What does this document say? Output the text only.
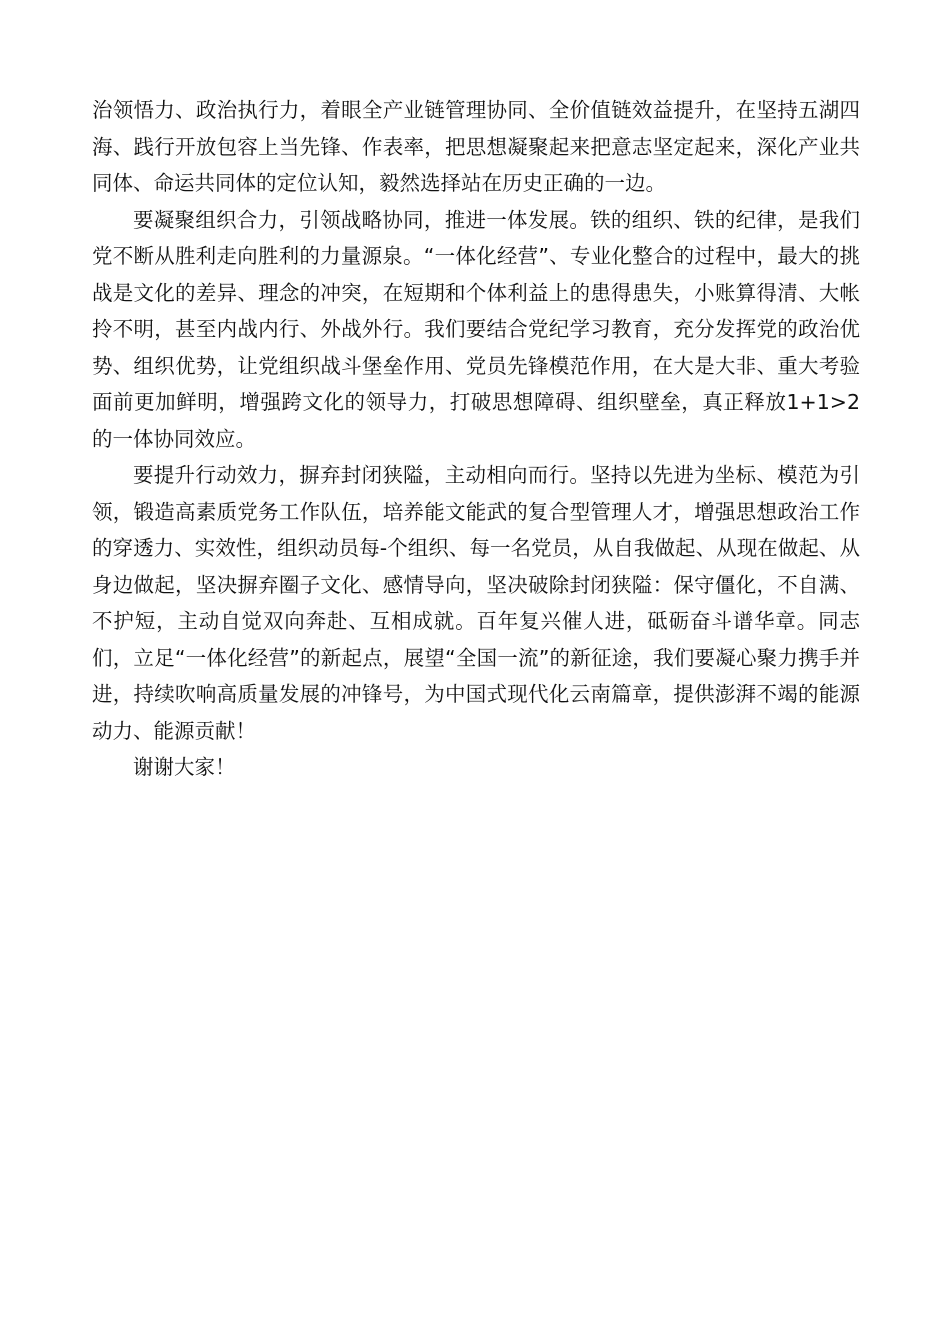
治领悟力、政治执行力，着眼全产业链管理协同、全价值链效益提升，在坚持五湖四海、践行开放包容上当先锋、作表率，把思想凝聚起来把意志坚定起来，深化产业共同体、命运共同体的定位认知，毅然选择站在历史正确的一边。

要凝聚组织合力，引领战略协同，推进一体发展。铁的组织、铁的纪律，是我们党不断从胜利走向胜利的力量源泉。“一体化经营”、专业化整合的过程中，最大的挑战是文化的差异、理念的冲突，在短期和个体利益上的患得患失，小账算得清、大帐拎不明，甚至内战内行、外战外行。我们要结合党纪学习教育，充分发挥党的政治优势、组织优势，让党组织战斗堡垒作用、党员先锋模范作用，在大是大非、重大考验面前更加鲜明，增强跨文化的领导力，打破思想障碍、组织壁垒，真正释放1+1>2的一体协同效应。

要提升行动效力，摒弃封闭狭隘，主动相向而行。坚持以先进为坐标、模范为引领，锻造高素质党务工作队伍，培养能文能武的复合型管理人才，增强思想政治工作的穿透力、实效性，组织动员每-个组织、每一名党员，从自我做起、从现在做起、从身边做起，坚决摒弃圈子文化、感情导向，坚决破除封闭狭隘：保守僵化，不自满、不护短，主动自觉双向奔赴、互相成就。百年复兴催人进，砥砺奋斗谱华章。同志们，立足“一体化经营”的新起点，展望“全国一流”的新征途，我们要凝心聚力携手并进，持续吹响高质量发展的冲锋号，为中国式现代化云南篇章，提供澎湃不竭的能源动力、能源贡献！

谢谢大家！
